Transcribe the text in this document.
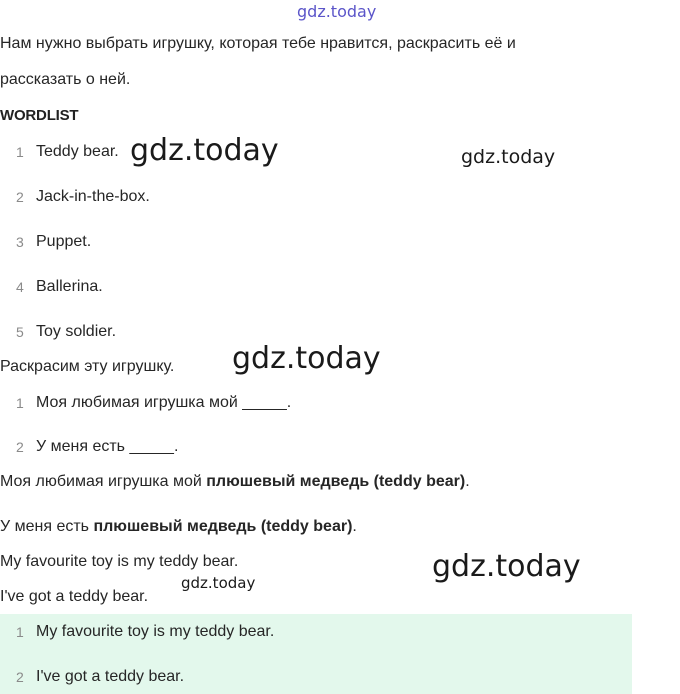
gdz.today
gdz.today	gdz.today
gdz.today
gdz.today
gdz.today
Нам нужно выбрать игрушку, которая тебе нравится, раскрасить её и
рассказать о ней.
WORDLIST
1 Teddy bear.
2 Jack-in-the-box.
3 Puppet.
4 Ballerina.
5 Toy soldier.
Раскрасим эту игрушку.
1 Моя любимая игрушка мой _____.
2 У меня есть _____.
Моя любимая игрушка мой плюшевый медведь (teddy bear).
У меня есть плюшевый медведь (teddy bear).
My favourite toy is my teddy bear.
I've got a teddy bear.
1 My favourite toy is my teddy bear.
2 I've got a teddy bear.
